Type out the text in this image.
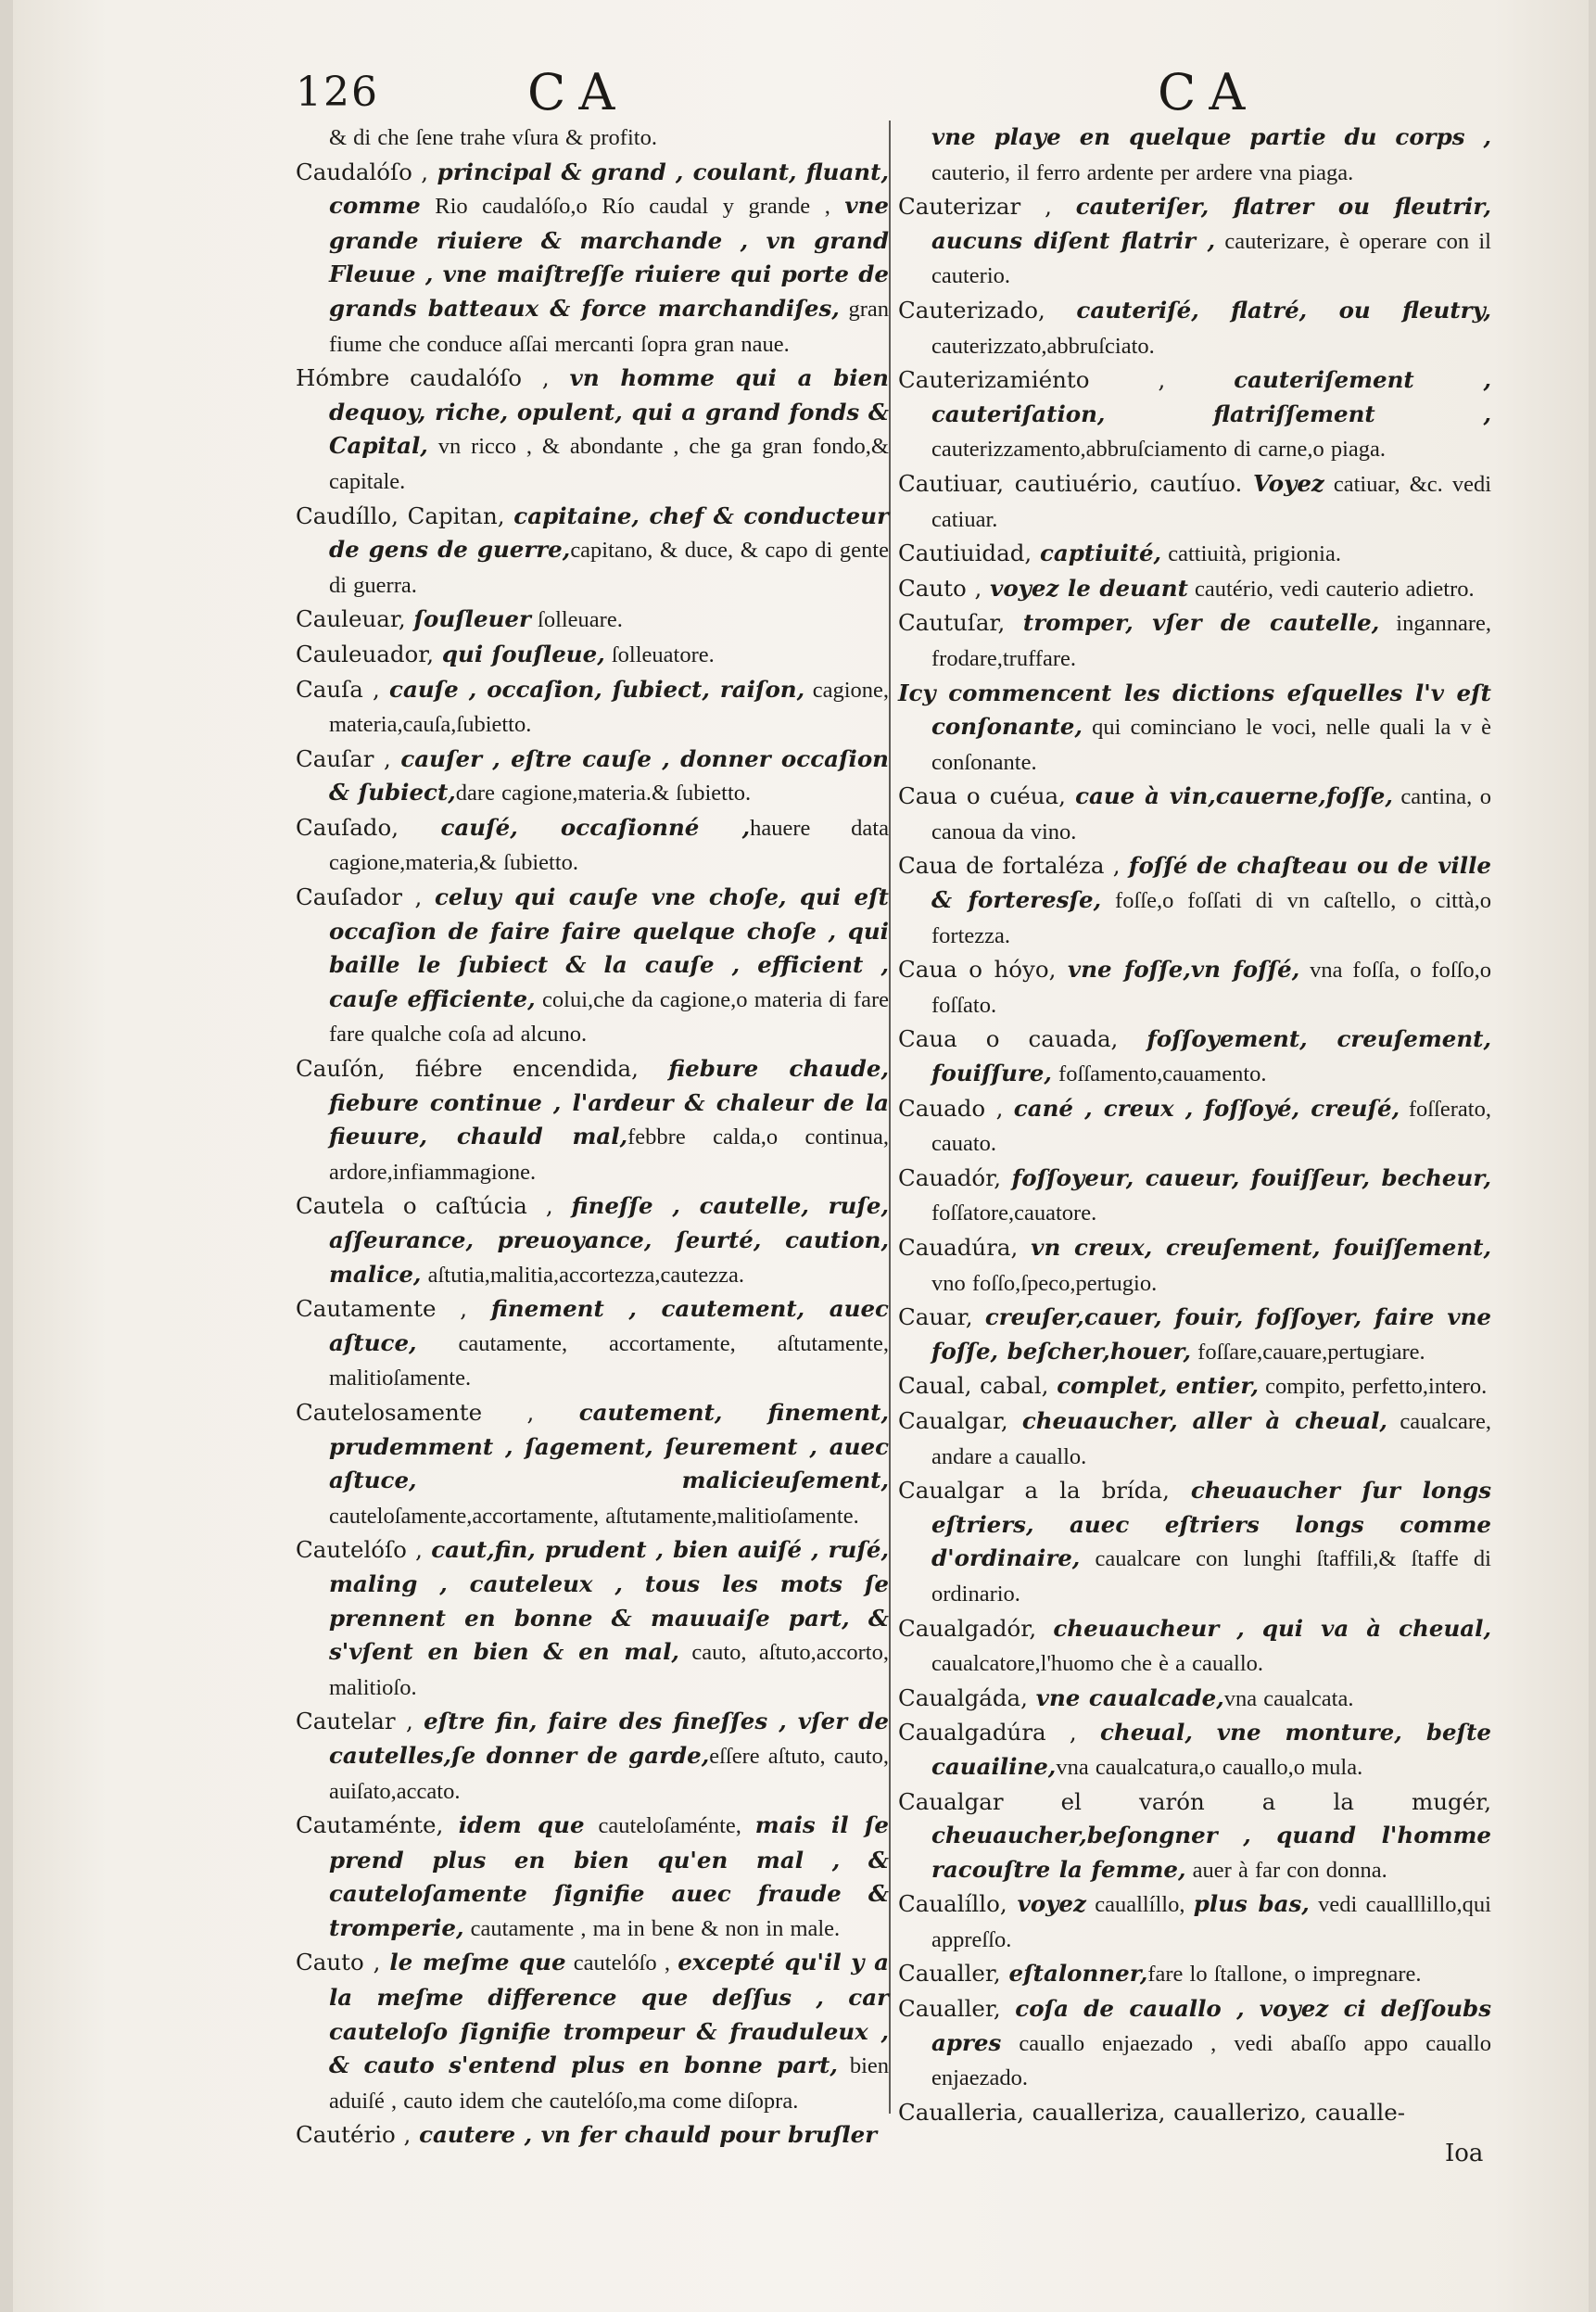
126	CA	CA

& di che ſene trahe vſura & profito.

Caudalóſo , principal & grand , coulant, fluant, comme Rio caudalóſo,o Río caudal y grande , vne grande riuiere & marchande , vn grand Fleuue , vne maiſtreſſe riuiere qui porte de grands batteaux & force marchandiſes, gran fiume che conduce aſſai mercanti ſopra gran naue.

Hómbre caudalóſo , vn homme qui a bien dequoy, riche, opulent, qui a grand fonds & Capital, vn ricco , & abondante , che ga gran fondo,& capitale.

Caudíllo, Capitan, capitaine, chef & conducteur de gens de guerre,capitano, & duce, & capo di gente di guerra.

Cauleuar, ſouſleuer ſolleuare.

Cauleuador, qui ſouſleue, ſolleuatore.

Cauſa , cauſe , occaſion, ſubiect, raiſon, cagione, materia,cauſa,ſubietto.

Cauſar , cauſer , eſtre cauſe , donner occaſion & ſubiect,dare cagione,materia.& ſubietto.

Cauſado, cauſé, occaſionné ,hauere data cagione,materia,& ſubietto.

Cauſador , celuy qui cauſe vne choſe, qui eſt occaſion de faire faire quelque choſe , qui baille le ſubiect & la cauſe , efficient , cauſe efficiente, colui,che da cagione,o materia di fare fare qualche coſa ad alcuno.

Cauſón, fiébre encendida, fiebure chaude, fiebure continue , l'ardeur & chaleur de la fieuure, chauld mal,febbre calda,o continua, ardore,infiammagione.

Cautela o caſtúcia , fineſſe , cautelle, ruſe, aſſeurance, preuoyance, ſeurté, caution, malice, aſtutia,malitia,accortezza,cautezza.

Cautamente , finement , cautement, auec aſtuce, cautamente, accortamente, aſtutamente, malitioſamente.

Cautelosamente , cautement, finement, prudemment , ſagement, ſeurement , auec aſtuce, malicieuſement, cauteloſamente,accortamente, aſtutamente,malitioſamente.

Cautelóſo , caut,fin, prudent , bien auiſé , ruſé, maling , cauteleux , tous les mots ſe prennent en bonne & mauuaiſe part, & s'vſent en bien & en mal, cauto, aſtuto,accorto, malitioſo.

Cautelar , eſtre fin, faire des fineſſes , vſer de cautelles,ſe donner de garde,eſſere aſtuto, cauto, auiſato,accato.

Cautaménte, idem que cauteloſaménte, mais il ſe prend plus en bien qu'en mal , & cauteloſamente ſignifie auec fraude & tromperie, cautamente , ma in bene & non in male.

Cauto , le meſme que cautelóſo , excepté qu'il y a la meſme difference que deſſus , car cauteloſo ſignifie trompeur & frauduleux , & cauto s'entend plus en bonne part, bien aduiſé , cauto idem che cautelóſo,ma come diſopra.

Cautério , cautere , vn fer chauld pour bruſler

vne playe en quelque partie du corps , cauterio, il ferro ardente per ardere vna piaga.

Cauterizar , cauteriſer, flatrer ou fleutrir, aucuns diſent flatrir , cauterizare, è operare con il cauterio.

Cauterizado, cauteriſé, flatré, ou fleutry, cauterizzato,abbruſciato.

Cauterizamiénto , cauteriſement , cauteriſation, flatriſſement , cauterizzamento,abbruſciamento di carne,o piaga.

Cautiuar, cautiuério, cautíuo. Voyez catiuar, &c. vedi catiuar.

Cautiuidad, captiuité, cattiuità, prigionia.

Cauto , voyez le deuant cautério, vedi cauterio adietro.

Cautuſar, tromper, vſer de cautelle, ingannare, frodare,truffare.

Icy commencent les dictions eſquelles l'v eſt conſonante, qui cominciano le voci, nelle quali la v è conſonante.

Caua o cuéua, caue à vin,cauerne,foſſe, cantina, o canoua da vino.

Caua de fortaléza , foſſé de chaſteau ou de ville & forteresſe, foſſe,o foſſati di vn caſtello, o città,o fortezza.

Caua o hóyo, vne foſſe,vn foſſé, vna foſſa, o foſſo,o foſſato.

Caua o cauada, foſſoyement, creuſement, fouiſſure, foſſamento,cauamento.

Cauado , cané , creux , foſſoyé, creuſé, foſſerato, cauato.

Cauadór, foſſoyeur, caueur, fouiſſeur, becheur, foſſatore,cauatore.

Cauadúra, vn creux, creuſement, fouiſſement, vno foſſo,ſpeco,pertugio.

Cauar, creuſer,cauer, fouir, foſſoyer, faire vne foſſe, beſcher,houer, foſſare,cauare,pertugiare.

Caual, cabal, complet, entier, compito, perfetto,intero.

Caualgar, cheuaucher, aller à cheual, caualcare, andare a cauallo.

Caualgar a la brída, cheuaucher ſur longs eſtriers, auec eſtriers longs comme d'ordinaire, caualcare con lunghi ſtaffili,& ſtaffe di ordinario.

Caualgadór, cheuaucheur , qui va à cheual, caualcatore,l'huomo che è a cauallo.

Caualgáda, vne caualcade,vna caualcata.

Caualgadúra , cheual, vne monture, beſte cauailine,vna caualcatura,o cauallo,o mula.

Caualgar el varón a la mugér, cheuaucher,beſongner , quand l'homme racouſtre la femme, auer à far con donna.

Caualíllo, voyez cauallíllo, plus bas, vedi caualllillo,qui appreſſo.

Caualler, eſtalonner,fare lo ſtallone, o impregnare.

Caualler, coſa de cauallo , voyez ci deſſoubs apres cauallo enjaezado , vedi abaſſo appo cauallo enjaezado.

Caualleria, caualleriza, cauallerizo, caualle-

Ioa
